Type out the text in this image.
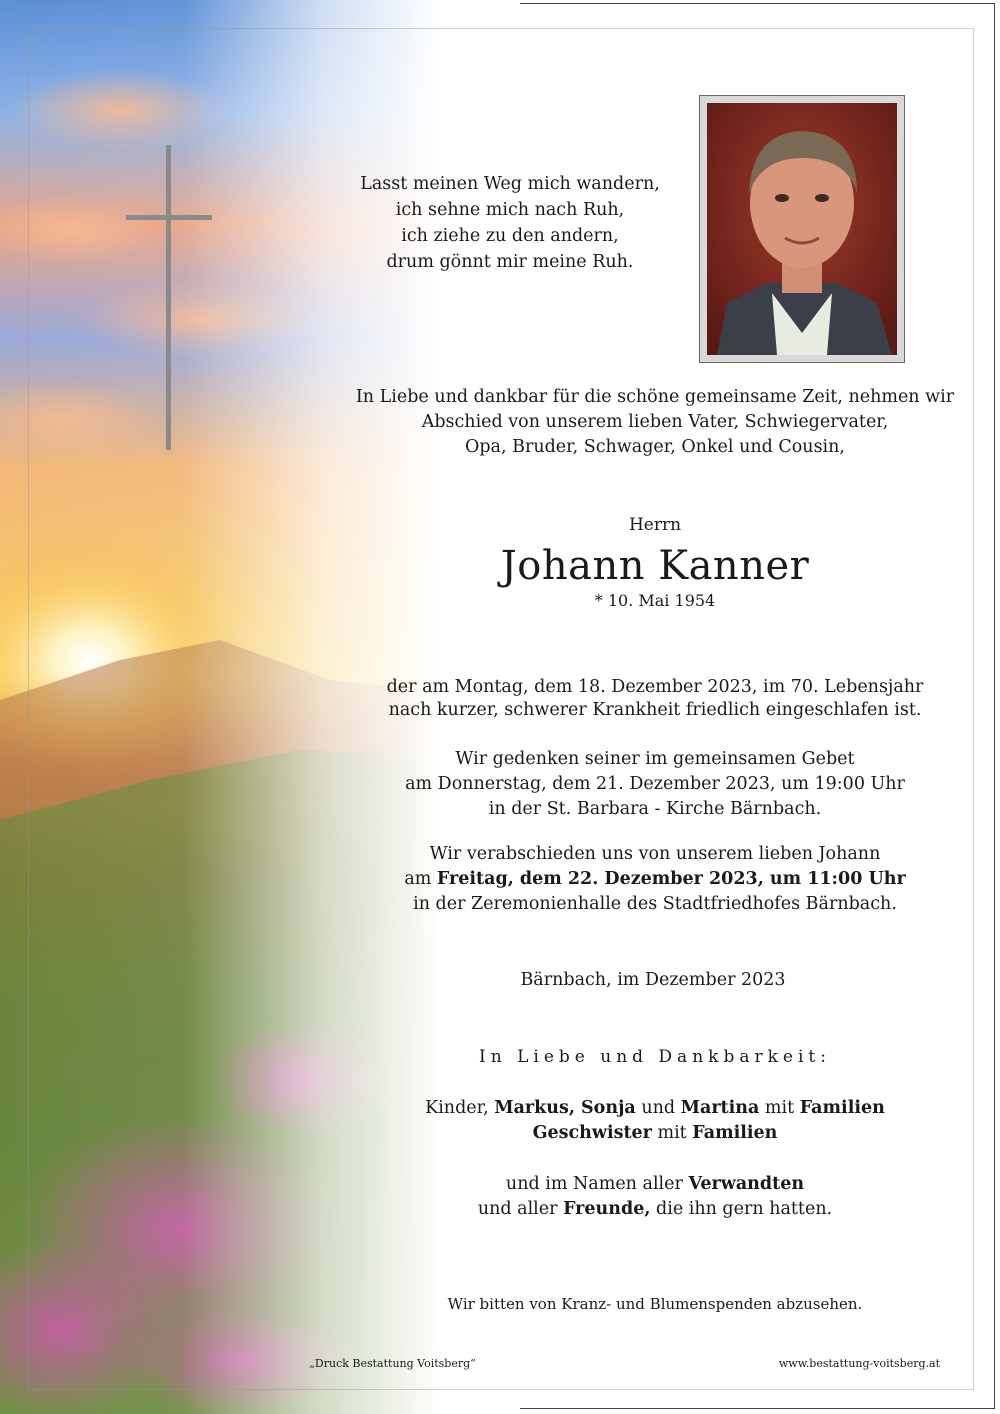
Lasst meinen Weg mich wandern,
ich sehne mich nach Ruh,
ich ziehe zu den andern,
drum gönnt mir meine Ruh.
In Liebe und dankbar für die schöne gemeinsame Zeit, nehmen wir
Abschied von unserem lieben Vater, Schwiegervater,
Opa, Bruder, Schwager, Onkel und Cousin,
Herrn
Johann Kanner
* 10. Mai 1954
der am Montag, dem 18. Dezember 2023, im 70. Lebensjahr
nach kurzer, schwerer Krankheit friedlich eingeschlafen ist.
Wir gedenken seiner im gemeinsamen Gebet
am Donnerstag, dem 21. Dezember 2023, um 19:00 Uhr
in der St. Barbara - Kirche Bärnbach.
Wir verabschieden uns von unserem lieben Johann
am Freitag, dem 22. Dezember 2023, um 11:00 Uhr
in der Zeremonienhalle des Stadtfriedhofes Bärnbach.
Bärnbach, im Dezember 2023
In Liebe und Dankbarkeit:
Kinder, Markus, Sonja und Martina mit Familien
Geschwister mit Familien
und im Namen aller Verwandten
und aller Freunde, die ihn gern hatten.
Wir bitten von Kranz- und Blumenspenden abzusehen.
„Druck Bestattung Voitsberg“	www.bestattung-voitsberg.at
